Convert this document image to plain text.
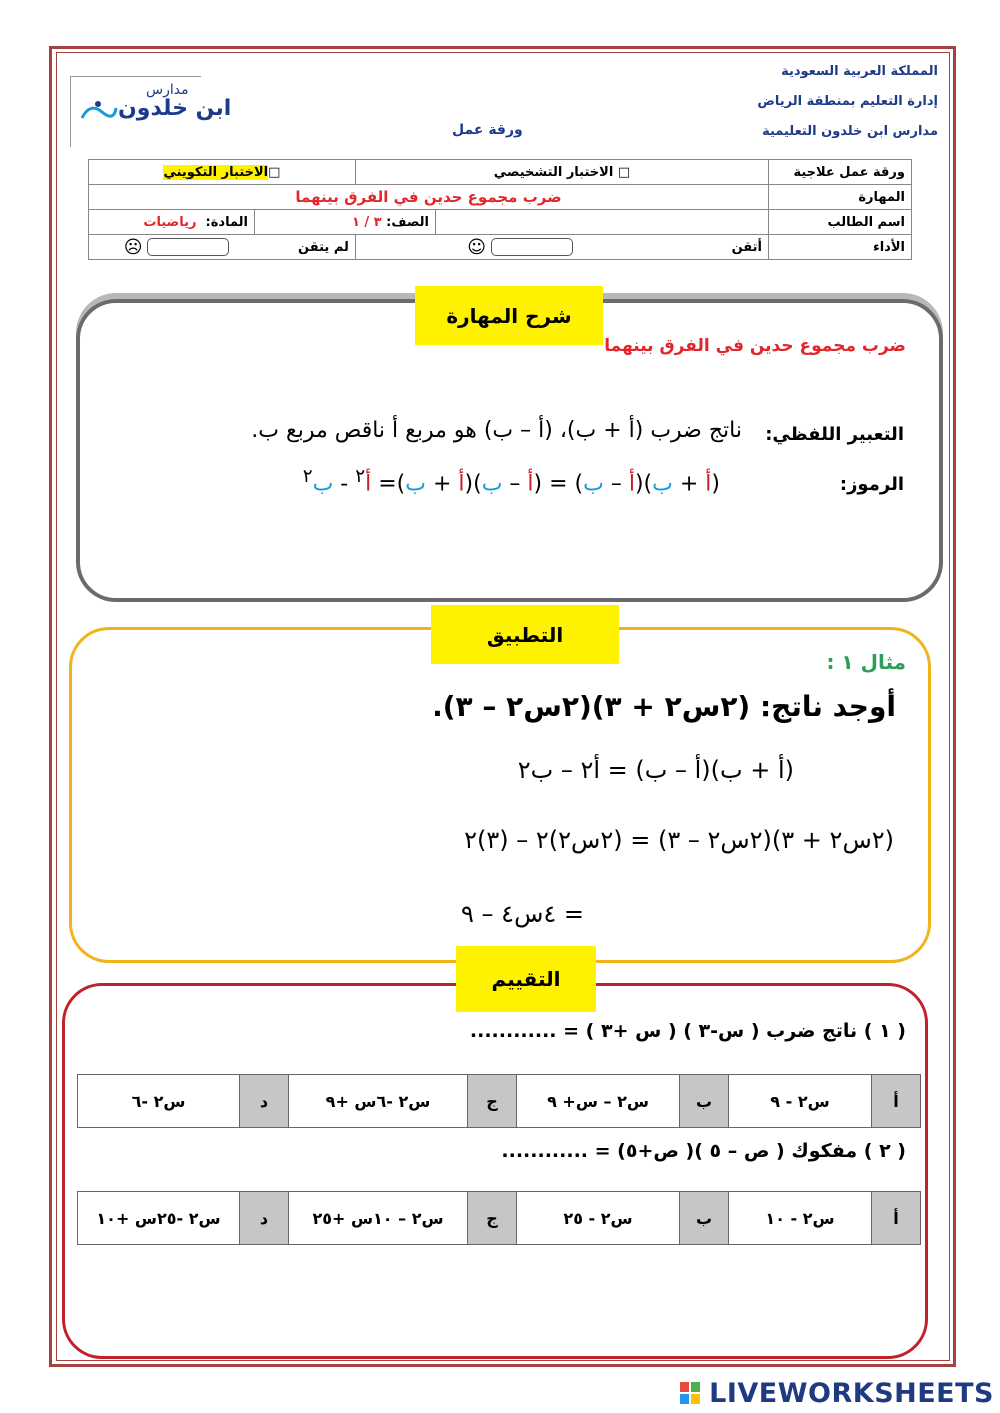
المملكة العربية السعودية
إدارة التعليم بمنطقة الرياض
مدارس ابن خلدون التعليمية
ورقة عمل
مدارس
ابن خلدون
ورقة عمل علاجية	□ الاختبار التشخيصي		□الاختبار التكويني	
المهارة	ضرب مجموع حدين في الفرق بينهما			
اسم الطالب		الصف: ٣ / ١		المادة:  رياضيات
الأداء	أتقن   ☺		لم يتقن   ☹	
شرح المهارة
ضرب مجموع حدين في الفرق بينهما
التعبير اللفظي:
ناتج ضرب (أ + ب)، (أ – ب) هو مربع أ ناقص مربع ب.
الرموز:
(أ + ب)(أ – ب) = (أ – ب)(أ + ب)= أ$^٢$ - ب$^٢$
التطبيق
مثال ١ :
أوجد ناتج: (٢س٢ + ٣)(٢س٢ – ٣).
(أ + ب)(أ – ب) = أ٢ – ب٢
(٢س٢ + ٣)(٢س٢ – ٣) = (٢س٢)٢ – (٣)٢
= ٤س٤ – ٩
التقييم
( ١ ) ناتج ضرب ( س-٣ ) ( س +٣ ) = ............
أ	س٢ - ٩	ب	س٢ – س+ ٩	ج	س٢ -٦س +٩	د	س٢ -٦
( ٢ ) مفكوك ( ص – ٥ )( ص+٥) = ............
أ	س٢ - ١٠	ب	س٢ - ٢٥	ج	س٢ – ١٠س +٢٥	د	س٢ -٢٥س +١٠
LIVEWORKSHEETS
